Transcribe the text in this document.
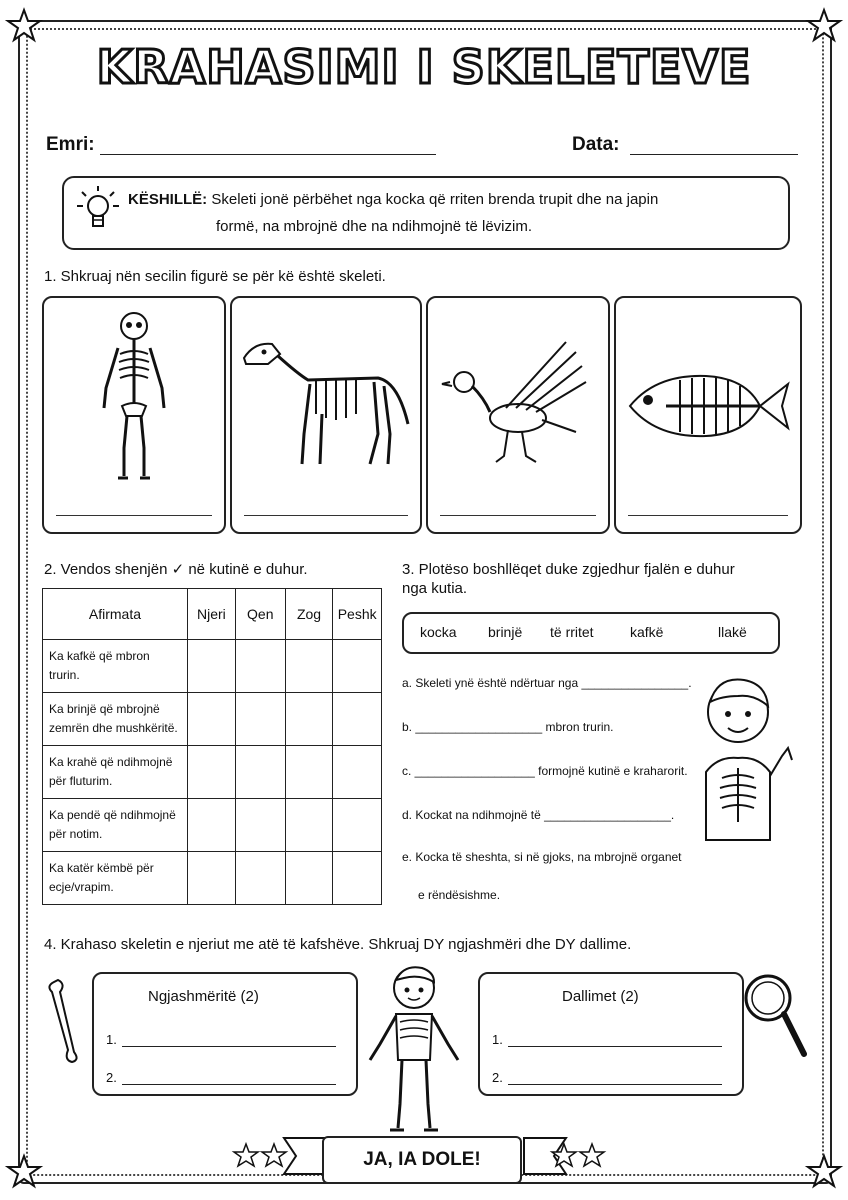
KRAHASIMI I SKELETEVE
Emri:	Data:
KËSHILLË: Skeleti jonë përbëhet nga kocka që rriten brenda trupit dhe na japin
formë, na mbrojnë dhe na ndihmojnë të lëvizim.
1. Shkruaj nën secilin figurë se për kë është skeleti.
2. Vendos shenjën ✓ në kutinë e duhur.
Afirmata	Njeri	Qen	Zog	Peshk
Ka kafkë që mbron
trurin.				
Ka brinjë që mbrojnë
zemrën dhe mushkëritë.				
Ka krahë që ndihmojnë
për fluturim.				
Ka pendë që ndihmojnë
për notim.				
Ka katër këmbë për
ecje/vrapim.				
3. Plotëso boshllëqet duke zgjedhur fjalën e duhur
nga kutia.
kocka brinjë të rritet	kafkë	llakë
a. Skeleti ynë është ndërtuar nga ________________.
b. ___________________ mbron trurin.
c. __________________ formojnë kutinë e kraharorit.
d. Kockat na ndihmojnë të ___________________.
e. Kocka të sheshta, si në gjoks, na mbrojnë organet
e rëndësishme.
4. Krahaso skeletin e njeriut me atë të kafshëve. Shkruaj DY ngjashmëri dhe DY dallime.
Ngjashmëritë (2)
1.
2.
Dallimet (2)
1.
2.
JA, IA DOLE!
